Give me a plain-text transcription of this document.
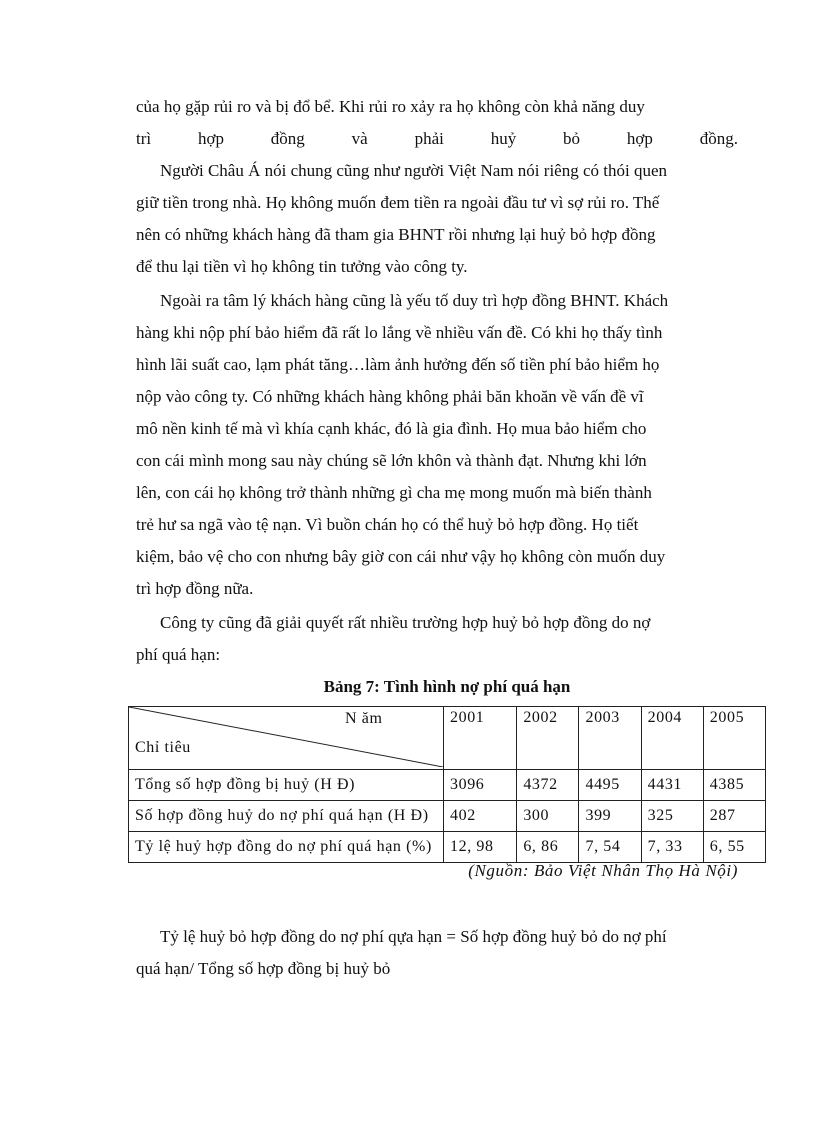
của họ gặp rủi ro và bị đổ bể. Khi rủi ro xảy ra họ không còn khả năng duy
trì hợp đồng và phải huỷ bỏ hợp đồng.
Người Châu Á nói chung cũng như người Việt Nam nói riêng có thói quen
giữ tiền trong nhà. Họ không muốn đem tiền ra ngoài đầu tư vì sợ rủi ro. Thế
nên có những khách hàng đã tham gia BHNT rồi nhưng lại huỷ bỏ hợp đồng
để thu lại tiền vì họ không tin tưởng vào công ty.
Ngoài ra tâm lý khách hàng cũng là yếu tố duy trì hợp đồng BHNT. Khách
hàng khi nộp phí bảo hiểm đã rất lo lắng về nhiều vấn đề. Có khi họ thấy tình
hình lãi suất cao, lạm phát tăng…làm ảnh hưởng đến số tiền phí bảo hiểm họ
nộp vào công ty. Có những khách hàng không phải băn khoăn về vấn đề vĩ
mô nền kinh tế mà vì khía cạnh khác, đó là gia đình. Họ mua bảo hiểm cho
con cái mình mong sau này chúng sẽ lớn khôn và thành đạt. Nhưng khi lớn
lên, con cái họ không trở thành những gì cha mẹ mong muốn mà biến thành
trẻ hư sa ngã vào tệ nạn. Vì buồn chán họ có thể huỷ bỏ hợp đồng. Họ tiết
kiệm, bảo vệ cho con nhưng bây giờ con cái như vậy họ không còn muốn duy
trì hợp đồng nữa.
Công ty cũng đã giải quyết rất nhiều trường hợp huỷ bỏ hợp đồng do nợ
phí quá hạn:
Bảng 7: Tình hình nợ phí quá hạn
N ăm
Chỉ tiêu	2001	2002	2003	2004	2005
Tổng số hợp đồng bị huỷ (H Đ)	3096	4372	4495	4431	4385
Số hợp đồng huỷ do nợ phí quá hạn (H Đ)	402	300	399	325	287
Tỷ lệ huỷ hợp đồng do nợ phí quá hạn (%)	12, 98	6, 86	7, 54	7, 33	6, 55
(Nguồn: Bảo Việt Nhân Thọ Hà Nội)
Tỷ lệ huỷ bỏ hợp đồng do nợ phí qựa hạn = Số hợp đồng huỷ bỏ do nợ phí
quá hạn/ Tổng số hợp đồng bị huỷ bỏ
